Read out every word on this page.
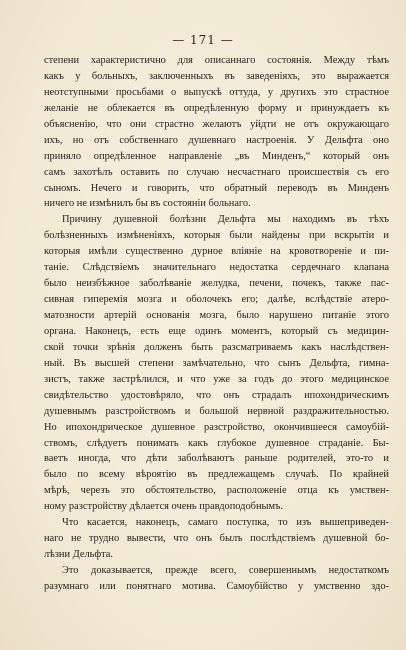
— 171 —
степени характеристично для описаннаго состоянія. Между тѣмъ
какъ у больныхъ, заключенныхъ въ заведеніяхъ, это выражается
неотступными просьбами о выпускѣ оттуда, у другихъ это страстное
желаніе не облекается въ опредѣленную форму и принуждаетъ къ
объясненію, что они страстно желаютъ уйдти не отъ окружающаго
ихъ, но отъ собственнаго душевнаго настроенія. У Дельфта оно
приняло опредѣленное направленіе „въ Минденъ,“ который онъ
самъ захотѣлъ оставить по случаю несчастнаго происшествія съ его
сыномъ. Нечего и говорить, что обратный переводъ въ Минденъ
ничего не измѣнилъ бы въ состояніи больнаго.
Причину душевной болѣзни Дельфта мы находимъ въ тѣхъ
болѣзненныхъ измѣненіяхъ, которыя были найдены при вскрытіи и
которыя имѣли существенно дурное вліяніе на кровотвореніе и пи-
таніе. Слѣдствіемъ значительнаго недостатка сердечнаго клапана
было неизбѣжное заболѣваніе желудка, печени, почекъ, также пас-
сивная гиперемія мозга и оболочекъ его; далѣе, вслѣдствіе атеро-
матозности артерій основанія мозга, было нарушено питаніе этого
органа. Наконецъ, есть еще одинъ моментъ, который съ медицин-
ской точки зрѣнія долженъ быть разсматриваемъ какъ наслѣдствен-
ный. Въ высшей степени замѣчательно, что сынъ Дельфта, гимна-
зистъ, также застрѣлился, и что уже за годъ до этого медицинское
свидѣтельство удостовѣряло, что онъ страдалъ ипохондрическимъ
душевнымъ разстройствомъ и большой нервной раздражительностью.
Но ипохондрическое душевное разстройство, окончившееся самоубій-
ствомъ, слѣдуетъ понимать какъ глубокое душевное страданіе. Бы-
ваетъ иногда, что дѣти заболѣваютъ раньше родителей, это-то и
было по всему вѣроятію въ предлежащемъ случаѣ. По крайней
мѣрѣ, черезъ это обстоятельство, расположеніе отца къ умствен-
ному разстройству дѣлается очень правдоподобнымъ.
Что касается, наконецъ, самаго поступка, то изъ вышеприведен-
наго не трудно вывести, что онъ былъ послѣдствіемъ душевной бо-
лѣзни Дельфта.
Это доказывается, прежде всего, совершеннымъ недостаткомъ
разумнаго или понятнаго мотива. Самоубійство у умственно здо-
